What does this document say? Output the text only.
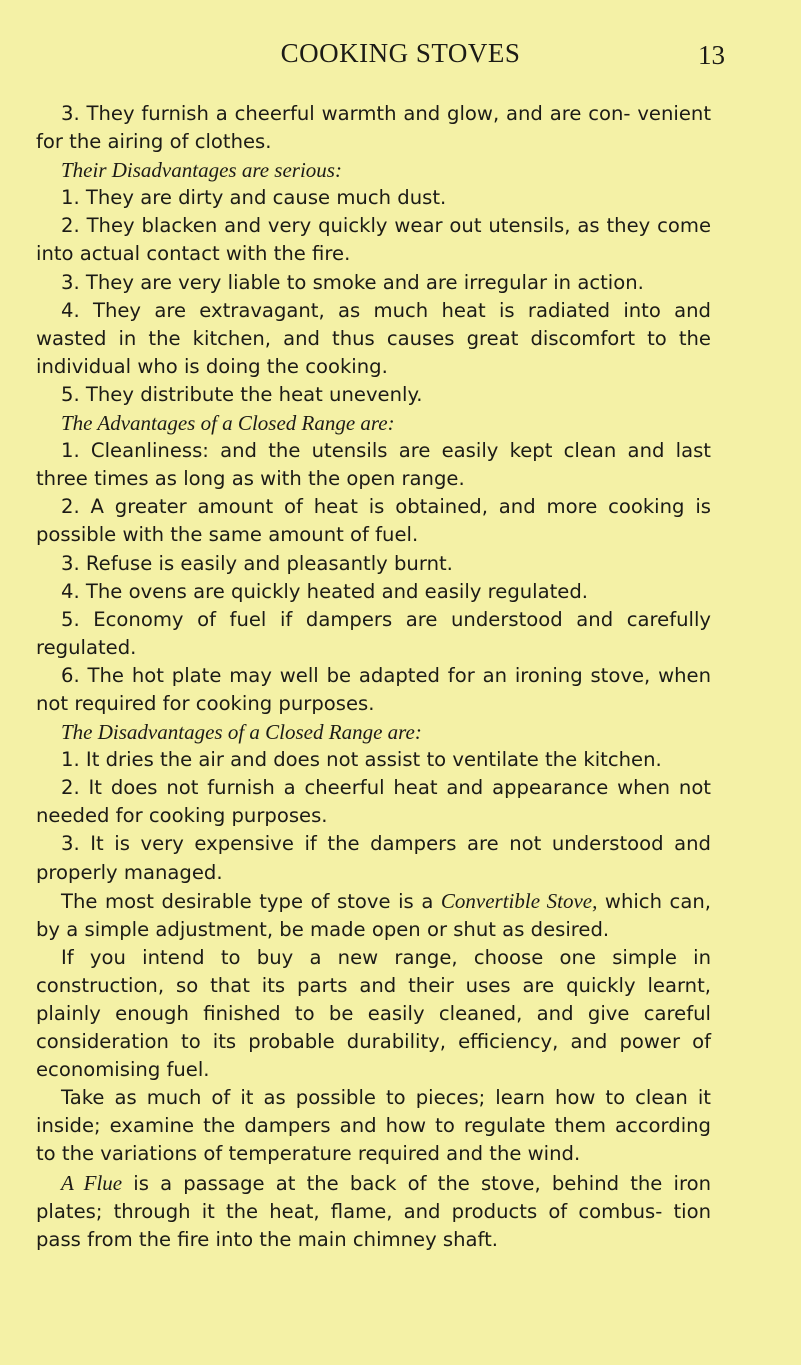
COOKING STOVES	13

3. They furnish a cheerful warmth and glow, and are con- venient for the airing of clothes.

Their Disadvantages are serious:

1. They are dirty and cause much dust.

2. They blacken and very quickly wear out utensils, as they come into actual contact with the fire.

3. They are very liable to smoke and are irregular in action.

4. They are extravagant, as much heat is radiated into and wasted in the kitchen, and thus causes great discomfort to the individual who is doing the cooking.

5. They distribute the heat unevenly.

The Advantages of a Closed Range are:

1. Cleanliness: and the utensils are easily kept clean and last three times as long as with the open range.

2. A greater amount of heat is obtained, and more cooking is possible with the same amount of fuel.

3. Refuse is easily and pleasantly burnt.

4. The ovens are quickly heated and easily regulated.

5. Economy of fuel if dampers are understood and carefully regulated.

6. The hot plate may well be adapted for an ironing stove, when not required for cooking purposes.

The Disadvantages of a Closed Range are:

1. It dries the air and does not assist to ventilate the kitchen.

2. It does not furnish a cheerful heat and appearance when not needed for cooking purposes.

3. It is very expensive if the dampers are not understood and properly managed.

The most desirable type of stove is a Convertible Stove, which can, by a simple adjustment, be made open or shut as desired.

If you intend to buy a new range, choose one simple in construction, so that its parts and their uses are quickly learnt, plainly enough finished to be easily cleaned, and give careful consideration to its probable durability, efficiency, and power of economising fuel.

Take as much of it as possible to pieces; learn how to clean it inside; examine the dampers and how to regulate them according to the variations of temperature required and the wind.

A Flue is a passage at the back of the stove, behind the iron plates; through it the heat, flame, and products of combus- tion pass from the fire into the main chimney shaft.
